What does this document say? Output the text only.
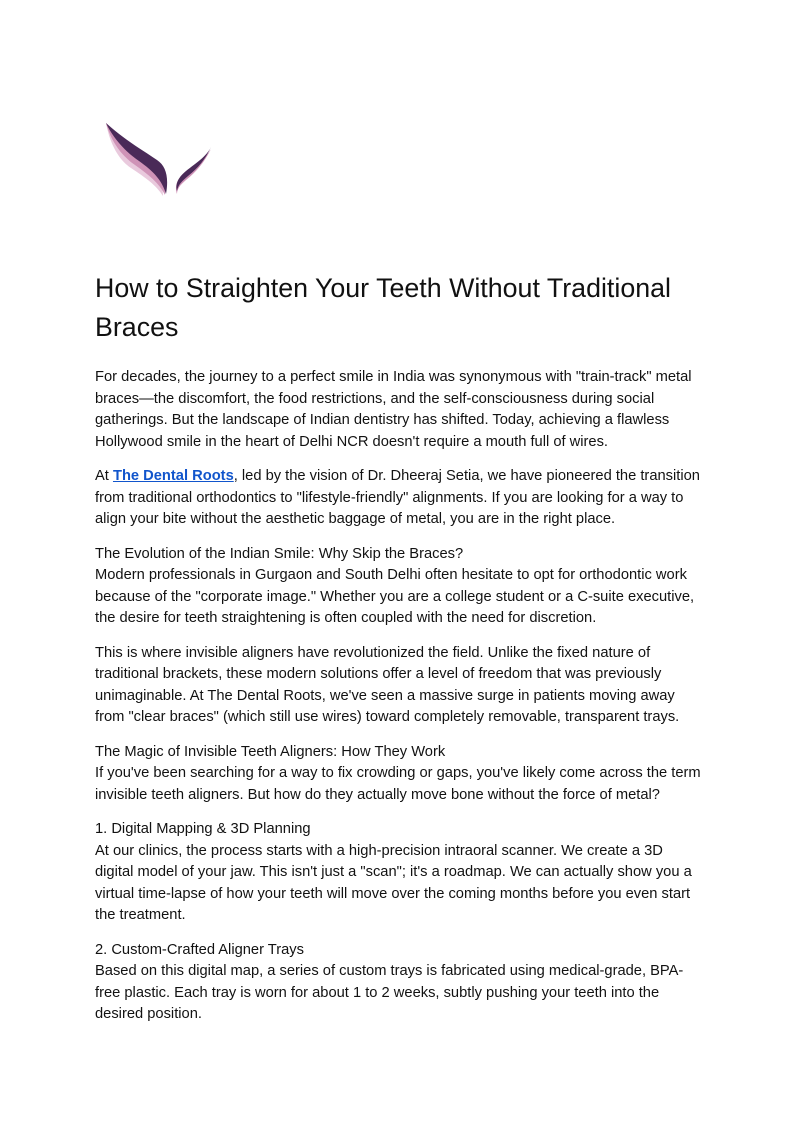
How to Straighten Your Teeth Without Traditional Braces

For decades, the journey to a perfect smile in India was synonymous with "train-track" metal braces—the discomfort, the food restrictions, and the self-consciousness during social gatherings. But the landscape of Indian dentistry has shifted. Today, achieving a flawless Hollywood smile in the heart of Delhi NCR doesn't require a mouth full of wires.

At The Dental Roots, led by the vision of Dr. Dheeraj Setia, we have pioneered the transition from traditional orthodontics to "lifestyle-friendly" alignments. If you are looking for a way to align your bite without the aesthetic baggage of metal, you are in the right place.

The Evolution of the Indian Smile: Why Skip the Braces?

Modern professionals in Gurgaon and South Delhi often hesitate to opt for orthodontic work because of the "corporate image." Whether you are a college student or a C-suite executive, the desire for teeth straightening is often coupled with the need for discretion.

This is where invisible aligners have revolutionized the field. Unlike the fixed nature of traditional brackets, these modern solutions offer a level of freedom that was previously unimaginable. At The Dental Roots, we've seen a massive surge in patients moving away from "clear braces" (which still use wires) toward completely removable, transparent trays.

The Magic of Invisible Teeth Aligners: How They Work

If you've been searching for a way to fix crowding or gaps, you've likely come across the term invisible teeth aligners. But how do they actually move bone without the force of metal?

1. Digital Mapping & 3D Planning

At our clinics, the process starts with a high-precision intraoral scanner. We create a 3D digital model of your jaw. This isn't just a "scan"; it's a roadmap. We can actually show you a virtual time-lapse of how your teeth will move over the coming months before you even start the treatment.

2. Custom-Crafted Aligner Trays

Based on this digital map, a series of custom trays is fabricated using medical-grade, BPA-free plastic. Each tray is worn for about 1 to 2 weeks, subtly pushing your teeth into the desired position.
